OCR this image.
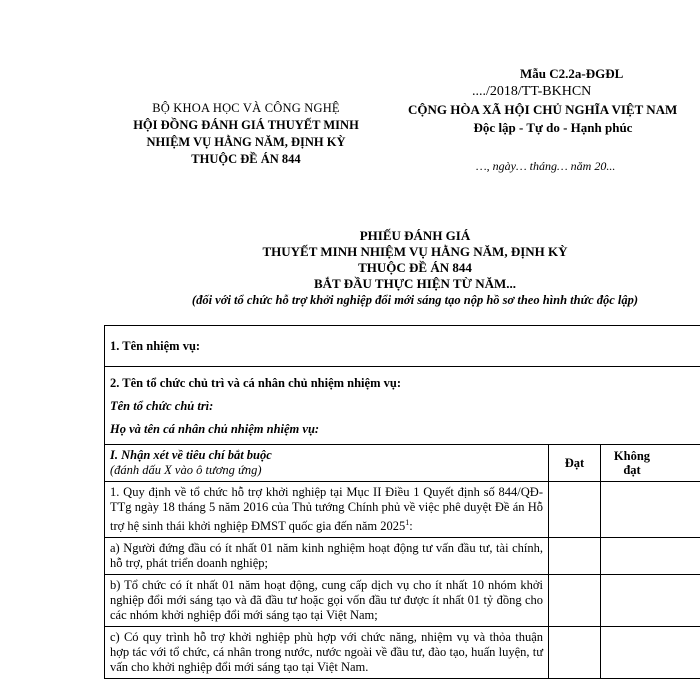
Mẫu C2.2a-ĐGĐL
..../2018/TT-BKHCN
BỘ KHOA HỌC VÀ CÔNG NGHỆ
HỘI ĐỒNG ĐÁNH GIÁ THUYẾT MINH
NHIỆM VỤ HẰNG NĂM, ĐỊNH KỲ
THUỘC ĐỀ ÁN 844
CỘNG HÒA XÃ HỘI CHỦ NGHĨA VIỆT NAM
Độc lập - Tự do - Hạnh phúc
…, ngày… tháng… năm 20...
PHIẾU ĐÁNH GIÁ
THUYẾT MINH NHIỆM VỤ HẰNG NĂM, ĐỊNH KỲ
THUỘC ĐỀ ÁN 844
BẮT ĐẦU THỰC HIỆN TỪ NĂM...
(đối với tổ chức hỗ trợ khởi nghiệp đổi mới sáng tạo nộp hồ sơ theo hình thức độc lập)
1. Tên nhiệm vụ:		

2. Tên tổ chức chủ trì và cá nhân chủ nhiệm nhiệm vụ:
Tên tổ chức chủ trì:
Họ và tên cá nhân chủ nhiệm nhiệm vụ:		

I. Nhận xét về tiêu chí bắt buộc
(đánh dấu X vào ô tương ứng)	Đạt	Không đạt

1. Quy định về tổ chức hỗ trợ khởi nghiệp tại Mục II Điều 1 Quyết định số 844/QĐ-TTg ngày 18 tháng 5 năm 2016 của Thủ tướng Chính phủ về việc phê duyệt Đề án Hỗ trợ hệ sinh thái khởi nghiệp ĐMST quốc gia đến năm 2025$^1$:		
a) Người đứng đầu có ít nhất 01 năm kinh nghiệm hoạt động tư vấn đầu tư, tài chính, hỗ trợ, phát triển doanh nghiệp;		
b) Tổ chức có ít nhất 01 năm hoạt động, cung cấp dịch vụ cho ít nhất 10 nhóm khởi nghiệp đổi mới sáng tạo và đã đầu tư hoặc gọi vốn đầu tư được ít nhất 01 tỷ đồng cho các nhóm khởi nghiệp đổi mới sáng tạo tại Việt Nam;		
c) Có quy trình hỗ trợ khởi nghiệp phù hợp với chức năng, nhiệm vụ và thỏa thuận hợp tác với tổ chức, cá nhân trong nước, nước ngoài về đầu tư, đào tạo, huấn luyện, tư vấn cho khởi nghiệp đổi mới sáng tạo tại Việt Nam.		
